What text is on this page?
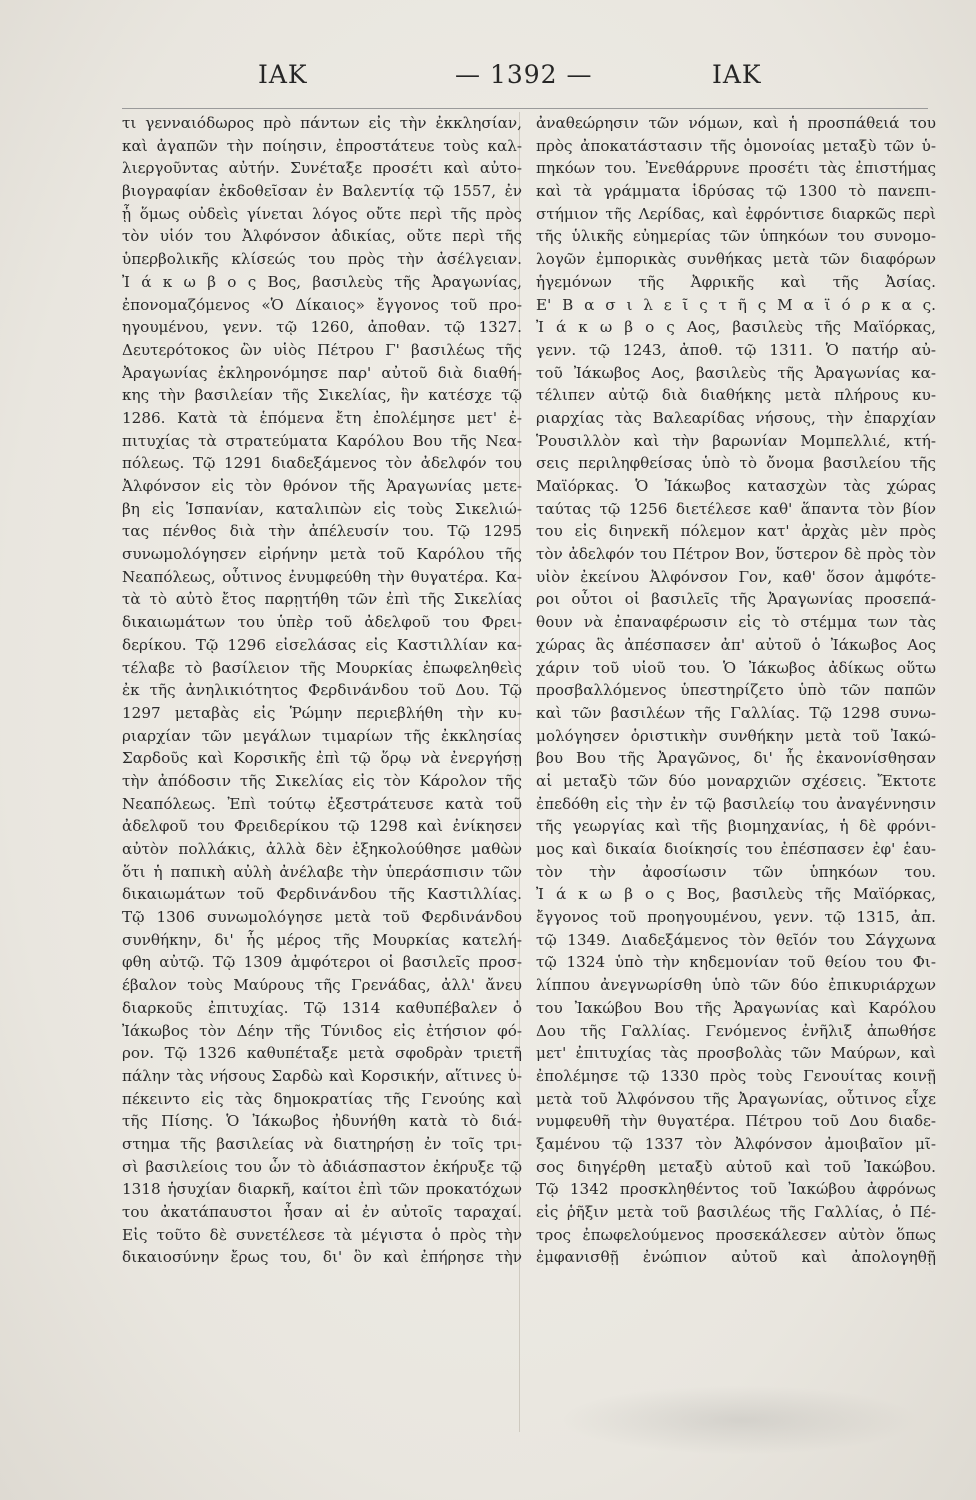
ΙΑΚ	— 1392 —	ΙΑΚ
τι γενναιόδωρος πρὸ πάντων εἰς τὴν ἐκκλησίαν,
καὶ ἀγαπῶν τὴν ποίησιν, ἐπροστάτευε τοὺς καλ-
λιεργοῦντας αὐτήν. Συνέταξε προσέτι καὶ αὐτο-
βιογραφίαν ἐκδοθεῖσαν ἐν Βαλεντίᾳ τῷ 1557, ἐν
ᾗ ὅμως οὐδεὶς γίνεται λόγος οὔτε περὶ τῆς πρὸς
τὸν υἱόν του Ἀλφόνσον ἀδικίας, οὔτε περὶ τῆς
ὑπερβολικῆς κλίσεώς του πρὸς τὴν ἀσέλγειαν.
Ἰ ά κ ω β ο ς Βος, βασιλεὺς τῆς Ἀραγωνίας,
ἐπονομαζόμενος «Ὁ Δίκαιος» ἔγγονος τοῦ προ-
ηγουμένου, γενν. τῷ 1260, ἀποθαν. τῷ 1327.
Δευτερότοκος ὢν υἱὸς Πέτρου Γ' βασιλέως τῆς
Ἀραγωνίας ἐκληρονόμησε παρ' αὐτοῦ διὰ διαθή-
κης τὴν βασιλείαν τῆς Σικελίας, ἣν κατέσχε τῷ
1286. Κατὰ τὰ ἑπόμενα ἔτη ἐπολέμησε μετ' ἐ-
πιτυχίας τὰ στρατεύματα Καρόλου Βου τῆς Νεα-
πόλεως. Τῷ 1291 διαδεξάμενος τὸν ἀδελφόν του
Ἀλφόνσον εἰς τὸν θρόνον τῆς Ἀραγωνίας μετε-
βη εἰς Ἱσπανίαν, καταλιπὼν εἰς τοὺς Σικελιώ-
τας πένθος διὰ τὴν ἀπέλευσίν του. Τῷ 1295
συνωμολόγησεν εἰρήνην μετὰ τοῦ Καρόλου τῆς
Νεαπόλεως, οὗτινος ἐνυμφεύθη τὴν θυγατέρα. Κα-
τὰ τὸ αὐτὸ ἔτος παρῃτήθη τῶν ἐπὶ τῆς Σικελίας
δικαιωμάτων του ὑπὲρ τοῦ ἀδελφοῦ του Φρει-
δερίκου. Τῷ 1296 εἰσελάσας εἰς Καστιλλίαν κα-
τέλαβε τὸ βασίλειον τῆς Μουρκίας ἐπωφεληθεὶς
ἐκ τῆς ἀνηλικιότητος Φερδινάνδου τοῦ Δου. Τῷ
1297 μεταβὰς εἰς Ῥώμην περιεβλήθη τὴν κυ-
ριαρχίαν τῶν μεγάλων τιμαρίων τῆς ἐκκλησίας
Σαρδοῦς καὶ Κορσικῆς ἐπὶ τῷ ὅρῳ νὰ ἐνεργήσῃ
τὴν ἀπόδοσιν τῆς Σικελίας εἰς τὸν Κάρολον τῆς
Νεαπόλεως. Ἐπὶ τούτῳ ἐξεστράτευσε κατὰ τοῦ
ἀδελφοῦ του Φρειδερίκου τῷ 1298 καὶ ἐνίκησεν
αὐτὸν πολλάκις, ἀλλὰ δὲν ἐξηκολούθησε μαθὼν
ὅτι ἡ παπικὴ αὐλὴ ἀνέλαβε τὴν ὑπεράσπισιν τῶν
δικαιωμάτων τοῦ Φερδινάνδου τῆς Καστιλλίας.
Τῷ 1306 συνωμολόγησε μετὰ τοῦ Φερδινάνδου
συνθήκην, δι' ἧς μέρος τῆς Μουρκίας κατελή-
φθη αὐτῷ. Τῷ 1309 ἀμφότεροι οἱ βασιλεῖς προσ-
έβαλον τοὺς Μαύρους τῆς Γρενάδας, ἀλλ' ἄνευ
διαρκοῦς ἐπιτυχίας. Τῷ 1314 καθυπέβαλεν ὁ
Ἰάκωβος τὸν Δέην τῆς Τύνιδος εἰς ἐτήσιον φό-
ρον. Τῷ 1326 καθυπέταξε μετὰ σφοδρὰν τριετῆ
πάλην τὰς νήσους Σαρδὼ καὶ Κορσικήν, αἵτινες ὑ-
πέκειντο εἰς τὰς δημοκρατίας τῆς Γενούης καὶ
τῆς Πίσης. Ὁ Ἰάκωβος ἠδυνήθη κατὰ τὸ διά-
στημα τῆς βασιλείας νὰ διατηρήσῃ ἐν τοῖς τρι-
σὶ βασιλείοις του ὧν τὸ ἀδιάσπαστον ἐκήρυξε τῷ
1318 ἡσυχίαν διαρκῆ, καίτοι ἐπὶ τῶν προκατόχων
του ἀκατάπαυστοι ἦσαν αἱ ἐν αὐτοῖς ταραχαί.
Εἰς τοῦτο δὲ συνετέλεσε τὰ μέγιστα ὁ πρὸς τὴν
δικαιοσύνην ἔρως του, δι' ὃν καὶ ἐπήρησε τὴν
ἀναθεώρησιν τῶν νόμων, καὶ ἡ προσπάθειά του
πρὸς ἀποκατάστασιν τῆς ὁμονοίας μεταξὺ τῶν ὑ-
πηκόων του. Ἐνεθάρρυνε προσέτι τὰς ἐπιστήμας
καὶ τὰ γράμματα ἱδρύσας τῷ 1300 τὸ πανεπι-
στήμιον τῆς Λερίδας, καὶ ἐφρόντισε διαρκῶς περὶ
τῆς ὑλικῆς εὐημερίας τῶν ὑπηκόων του συνομο-
λογῶν ἐμπορικὰς συνθήκας μετὰ τῶν διαφόρων
ἡγεμόνων τῆς Ἀφρικῆς καὶ τῆς Ἀσίας.
Ε' Β α σ ι λ ε ῖ ς τ ῆ ς Μ α ϊ ό ρ κ α ς.
Ἰ ά κ ω β ο ς Αος, βασιλεὺς τῆς Μαϊόρκας,
γενν. τῷ 1243, ἀποθ. τῷ 1311. Ὁ πατήρ αὐ-
τοῦ Ἰάκωβος Αος, βασιλεὺς τῆς Ἀραγωνίας κα-
τέλιπεν αὐτῷ διὰ διαθήκης μετὰ πλήρους κυ-
ριαρχίας τὰς Βαλεαρίδας νήσους, τὴν ἐπαρχίαν
Ῥουσιλλὸν καὶ τὴν βαρωνίαν Μομπελλιέ, κτή-
σεις περιληφθείσας ὑπὸ τὸ ὄνομα βασιλείου τῆς
Μαϊόρκας. Ὁ Ἰάκωβος κατασχὼν τὰς χώρας
ταύτας τῷ 1256 διετέλεσε καθ' ἅπαντα τὸν βίον
του εἰς διηνεκῆ πόλεμον κατ' ἀρχὰς μὲν πρὸς
τὸν ἀδελφόν του Πέτρον Βον, ὕστερον δὲ πρὸς τὸν
υἱὸν ἐκείνου Ἀλφόνσον Γον, καθ' ὅσον ἀμφότε-
ροι οὗτοι οἱ βασιλεῖς τῆς Ἀραγωνίας προσεπά-
θουν νὰ ἐπαναφέρωσιν εἰς τὸ στέμμα των τὰς
χώρας ἃς ἀπέσπασεν ἀπ' αὐτοῦ ὁ Ἰάκωβος Αος
χάριν τοῦ υἱοῦ του. Ὁ Ἰάκωβος ἀδίκως οὕτω
προσβαλλόμενος ὑπεστηρίζετο ὑπὸ τῶν παπῶν
καὶ τῶν βασιλέων τῆς Γαλλίας. Τῷ 1298 συνω-
μολόγησεν ὁριστικὴν συνθήκην μετὰ τοῦ Ἰακώ-
βου Βου τῆς Ἀραγῶνος, δι' ἧς ἐκανονίσθησαν
αἱ μεταξὺ τῶν δύο μοναρχιῶν σχέσεις. Ἔκτοτε
ἐπεδόθη εἰς τὴν ἐν τῷ βασιλείῳ του ἀναγέννησιν
τῆς γεωργίας καὶ τῆς βιομηχανίας, ἡ δὲ φρόνι-
μος καὶ δικαία διοίκησίς του ἐπέσπασεν ἐφ' ἑαυ-
τὸν τὴν ἀφοσίωσιν τῶν ὑπηκόων του.
Ἰ ά κ ω β ο ς Βος, βασιλεὺς τῆς Μαϊόρκας,
ἔγγονος τοῦ προηγουμένου, γενν. τῷ 1315, ἀπ.
τῷ 1349. Διαδεξάμενος τὸν θεῖόν του Σάγχωνα
τῷ 1324 ὑπὸ τὴν κηδεμονίαν τοῦ θείου του Φι-
λίππου ἀνεγνωρίσθη ὑπὸ τῶν δύο ἐπικυριάρχων
του Ἰακώβου Βου τῆς Ἀραγωνίας καὶ Καρόλου
Δου τῆς Γαλλίας. Γενόμενος ἐνῆλιξ ἀπωθήσε
μετ' ἐπιτυχίας τὰς προσβολὰς τῶν Μαύρων, καὶ
ἐπολέμησε τῷ 1330 πρὸς τοὺς Γενουίτας κοινῇ
μετὰ τοῦ Ἀλφόνσου τῆς Ἀραγωνίας, οὗτινος εἶχε
νυμφευθῆ τὴν θυγατέρα. Πέτρου τοῦ Δου διαδε-
ξαμένου τῷ 1337 τὸν Ἀλφόνσον ἀμοιβαῖον μῖ-
σος διηγέρθη μεταξὺ αὐτοῦ καὶ τοῦ Ἰακώβου.
Τῷ 1342 προσκληθέντος τοῦ Ἰακώβου ἀφρόνως
εἰς ῥῆξιν μετὰ τοῦ βασιλέως τῆς Γαλλίας, ὁ Πέ-
τρος ἐπωφελούμενος προσεκάλεσεν αὐτὸν ὅπως
ἐμφανισθῇ ἐνώπιον αὐτοῦ καὶ ἀπολογηθῇ
